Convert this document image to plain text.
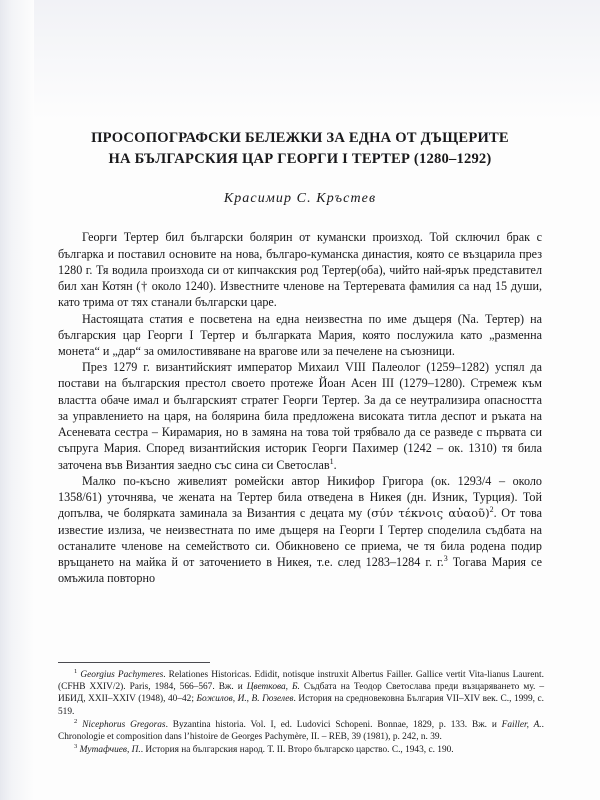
ПРОСОПОГРАФСКИ БЕЛЕЖКИ ЗА ЕДНА ОТ ДЪЩЕРИТЕ
НА БЪЛГАРСКИЯ ЦАР ГЕОРГИ I ТЕРТЕР (1280–1292)
Красимир С. Кръстев

Георги Тертер бил български болярин от кумански произход. Той сключил брак с българка и поставил основите на нова, българо-куманска династия, която се възцарила през 1280 г. Тя водила произхода си от кипчакския род Тертер(оба), чийто най-ярък представител бил хан Котян († около 1240). Известните членове на Тертеревата фамилия са над 15 души, като трима от тях станали български царе.

Настоящата статия е посветена на една неизвестна по име дъщеря (Na. Тертер) на българския цар Георги I Тертер и българката Мария, която послужила като „разменна монета“ и „дар“ за омилостивяване на врагове или за печелене на съюзници.

През 1279 г. византийският император Михаил VIII Палеолог (1259–1282) успял да постави на българския престол своето протеже Йоан Асен III (1279–1280). Стремеж към властта обаче имал и българският стратег Георги Тертер. За да се неутрализира опасността за управлението на царя, на болярина била предложена високата титла деспот и ръката на Асеневата сестра – Кирамария, но в замяна на това той трябвало да се разведе с първата си съпруга Мария. Според византийския историк Георги Пахимер (1242 – ок. 1310) тя била заточена във Византия заедно със сина си Светослав$^1$.

Малко по-късно живелият ромейски автор Никифор Григора (ок. 1293/4 – около 1358/61) уточнява, че жената на Тертер била отведена в Никея (дн. Изник, Турция). Той допълва, че болярката заминала за Византия с децата му (σύν τέκνοις αὐαοῦ)$^2$. От това известие излиза, че неизвестната по име дъщеря на Георги I Тертер споделила съдбата на останалите членове на семейството си. Обикновено се приема, че тя била родена подир връщането на майка й от заточението в Никея, т.е. след 1283–1284 г. г.$^3$ Тогава Мария се омъжила повторно

$^1$ Georgius Pachymeres. Relationes Historicas. Edidit, notisque instruxit Albertus Failler. Gallice vertit Vita-lianus Laurent. (CFHB XXIV/2). Paris, 1984, 566–567. Вж. и Цветкова, Б. Съдбата на Теодор Светослава преди възцаряването му. – ИБИД, XXII–XXIV (1948), 40–42; Божилов, И., В. Гюзелев. История на средновековна България VII–XIV век. С., 1999, с. 519.

$^2$ Nicephorus Gregoras. Byzantina historia. Vol. I, ed. Ludovici Schopeni. Bonnae, 1829, p. 133. Вж. и Failler, A.. Chronologie et composition dans l’histoire de Georges Pachymère, II. – REB, 39 (1981), p. 242, n. 39.

$^3$ Мутафчиев, П.. История на българския народ. Т. II. Второ българско царство. С., 1943, с. 190.
